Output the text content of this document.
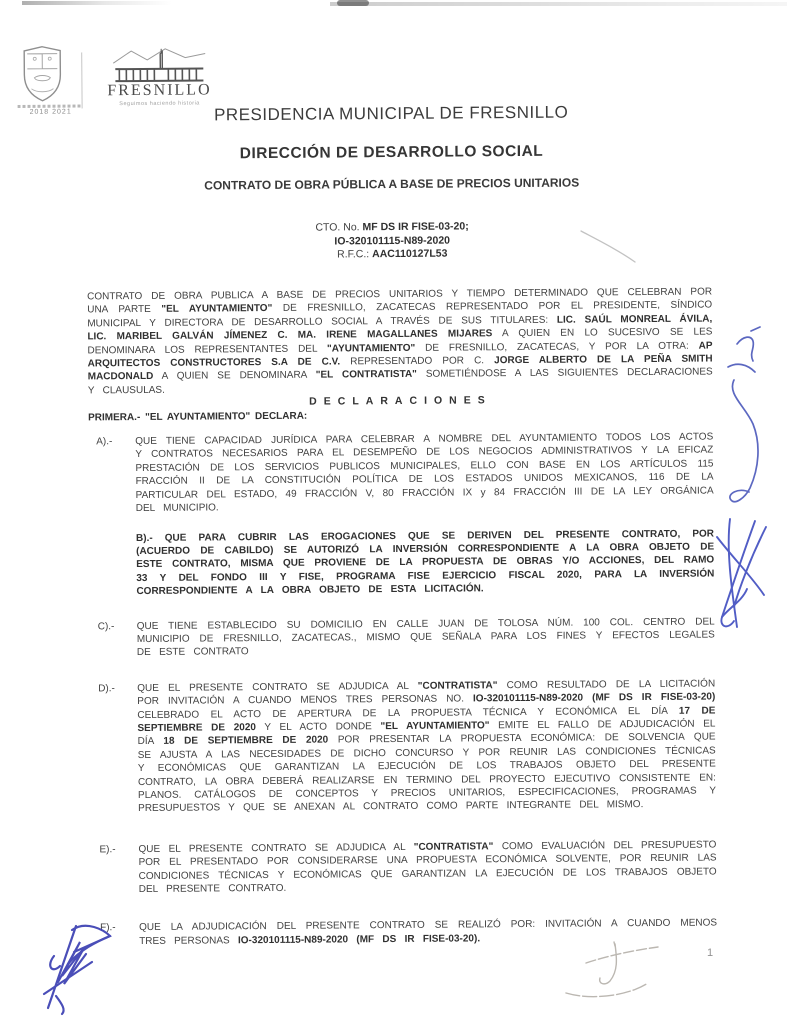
2018 2021
FRESNILLO
Seguimos haciendo historia PRESIDENCIA MUNICIPAL DE FRESNILLO
DIRECCIÓN DE DESARROLLO SOCIAL
CONTRATO DE OBRA PÚBLICA A BASE DE PRECIOS UNITARIOS
CTO. No. MF DS IR FISE-03-20;
IO-320101115-N89-2020
R.F.C.: AAC110127L53

CONTRATO DE OBRA PUBLICA A BASE DE PRECIOS UNITARIOS Y TIEMPO DETERMINADO QUE CELEBRAN POR UNA PARTE "EL AYUNTAMIENTO" DE FRESNILLO, ZACATECAS REPRESENTADO POR EL PRESIDENTE, SÍNDICO MUNICIPAL Y DIRECTORA DE DESARROLLO SOCIAL A TRAVÉS DE SUS TITULARES: LIC. SAÚL MONREAL ÁVILA, LIC. MARIBEL GALVÁN JÍMENEZ C. MA. IRENE MAGALLANES MIJARES A QUIEN EN LO SUCESIVO SE LES DENOMINARA LOS REPRESENTANTES DEL "AYUNTAMIENTO" DE FRESNILLO, ZACATECAS, Y POR LA OTRA: AP ARQUITECTOS CONSTRUCTORES S.A DE C.V. REPRESENTADO POR C. JORGE ALBERTO DE LA PEÑA SMITH MACDONALD A QUIEN SE DENOMINARA "EL CONTRATISTA" SOMETIÉNDOSE A LAS SIGUIENTES DECLARACIONES Y CLAUSULAS.

DECLARACIONES

PRIMERA.- "EL AYUNTAMIENTO" DECLARA:

A).-	QUE TIENE CAPACIDAD JURÍDICA PARA CELEBRAR A NOMBRE DEL AYUNTAMIENTO TODOS LOS ACTOS Y CONTRATOS NECESARIOS PARA EL DESEMPEÑO DE LOS NEGOCIOS ADMINISTRATIVOS Y LA EFICAZ PRESTACIÓN DE LOS SERVICIOS PUBLICOS MUNICIPALES, ELLO CON BASE EN LOS ARTÍCULOS 115 FRACCIÓN II DE LA CONSTITUCIÓN POLÍTICA DE LOS ESTADOS UNIDOS MEXICANOS, 116 DE LA PARTICULAR DEL ESTADO, 49 FRACCIÓN V, 80 FRACCIÓN IX y 84 FRACCIÓN III DE LA LEY ORGÁNICA DEL MUNICIPIO.

B).- QUE PARA CUBRIR LAS EROGACIONES QUE SE DERIVEN DEL PRESENTE CONTRATO, POR (ACUERDO DE CABILDO) SE AUTORIZÓ LA INVERSIÓN CORRESPONDIENTE A LA OBRA OBJETO DE ESTE CONTRATO, MISMA QUE PROVIENE DE LA PROPUESTA DE OBRAS Y/O ACCIONES, DEL RAMO 33 Y DEL FONDO III Y FISE, PROGRAMA FISE EJERCICIO FISCAL 2020, PARA LA INVERSIÓN CORRESPONDIENTE A LA OBRA OBJETO DE ESTA LICITACIÓN.

C).-	QUE TIENE ESTABLECIDO SU DOMICILIO EN CALLE JUAN DE TOLOSA NÚM. 100 COL. CENTRO DEL MUNICIPIO DE FRESNILLO, ZACATECAS., MISMO QUE SEÑALA PARA LOS FINES Y EFECTOS LEGALES DE ESTE CONTRATO

D).-	QUE EL PRESENTE CONTRATO SE ADJUDICA AL "CONTRATISTA" COMO RESULTADO DE LA LICITACIÓN POR INVITACIÓN A CUANDO MENOS TRES PERSONAS NO. IO-320101115-N89-2020 (MF DS IR FISE-03-20) CELEBRADO EL ACTO DE APERTURA DE LA PROPUESTA TÉCNICA Y ECONÓMICA EL DÍA 17 DE SEPTIEMBRE DE 2020 Y EL ACTO DONDE "EL AYUNTAMIENTO" EMITE EL FALLO DE ADJUDICACIÓN EL DÍA 18 DE SEPTIEMBRE DE 2020 POR PRESENTAR LA PROPUESTA ECONÓMICA: DE SOLVENCIA QUE SE AJUSTA A LAS NECESIDADES DE DICHO CONCURSO Y POR REUNIR LAS CONDICIONES TÉCNICAS Y ECONÓMICAS QUE GARANTIZAN LA EJECUCIÓN DE LOS TRABAJOS OBJETO DEL PRESENTE CONTRATO, LA OBRA DEBERÁ REALIZARSE EN TERMINO DEL PROYECTO EJECUTIVO CONSISTENTE EN: PLANOS. CATÁLOGOS DE CONCEPTOS Y PRECIOS UNITARIOS, ESPECIFICACIONES, PROGRAMAS Y PRESUPUESTOS Y QUE SE ANEXAN AL CONTRATO COMO PARTE INTEGRANTE DEL MISMO.

E).-	QUE EL PRESENTE CONTRATO SE ADJUDICA AL "CONTRATISTA" COMO EVALUACIÓN DEL PRESUPUESTO POR EL PRESENTADO POR CONSIDERARSE UNA PROPUESTA ECONÓMICA SOLVENTE, POR REUNIR LAS CONDICIONES TÉCNICAS Y ECONÓMICAS QUE GARANTIZAN LA EJECUCIÓN DE LOS TRABAJOS OBJETO DEL PRESENTE CONTRATO.

F).-	QUE LA ADJUDICACIÓN DEL PRESENTE CONTRATO SE REALIZÓ POR: INVITACIÓN A CUANDO MENOS TRES PERSONAS IO-320101115-N89-2020 (MF DS IR FISE-03-20).

1
